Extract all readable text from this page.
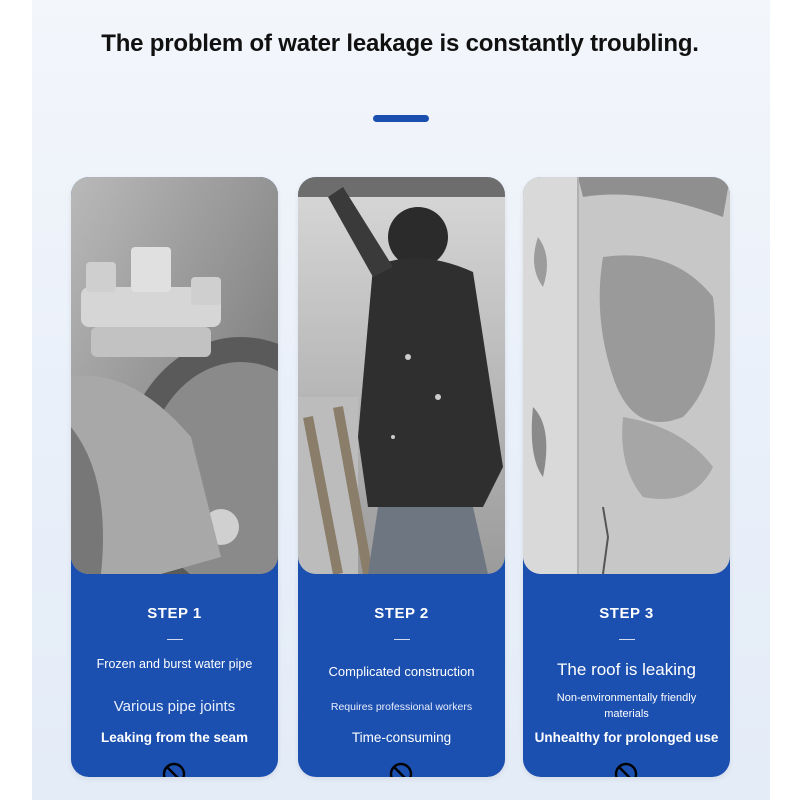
The problem of water leakage is constantly troubling.
STEP 1
Frozen and burst water pipe
Various pipe joints
Leaking from the seam
STEP 2
Complicated construction
Requires professional workers
Time-consuming
STEP 3
The roof is leaking
Non-environmentally friendly materials
Unhealthy for prolonged use
